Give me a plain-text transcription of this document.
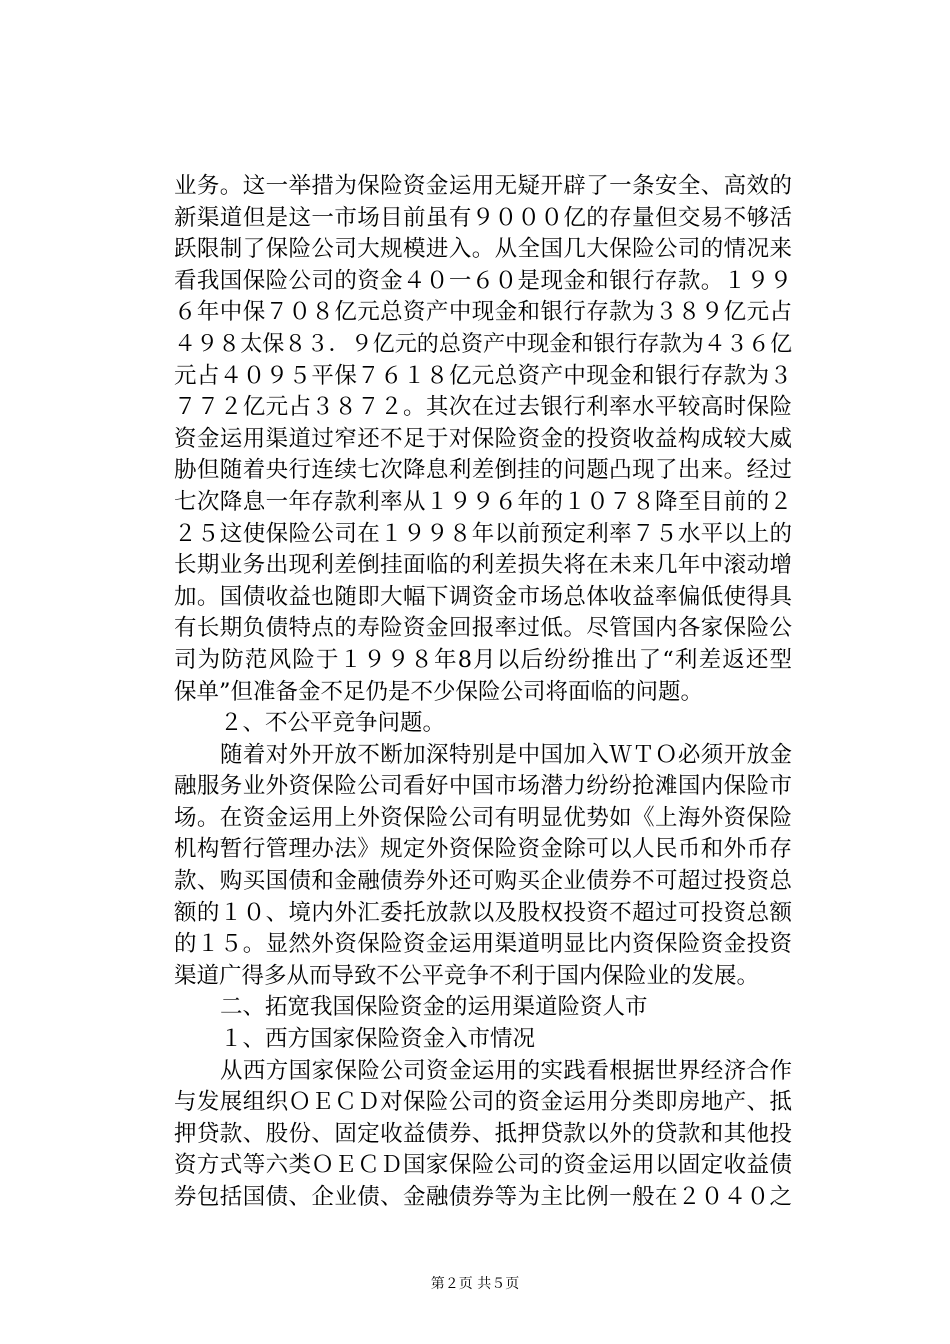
业务。这一举措为保险资金运用无疑开辟了一条安全、高效的
新渠道但是这一市场目前虽有９０００亿的存量但交易不够活
跃限制了保险公司大规模进入。从全国几大保险公司的情况来
看我国保险公司的资金４０一６０是现金和银行存款。１９９
６年中保７０８亿元总资产中现金和银行存款为３８９亿元占
４９８太保８３．９亿元的总资产中现金和银行存款为４３６亿
元占４０９５平保７６１８亿元总资产中现金和银行存款为３
７７２亿元占３８７２。其次在过去银行利率水平较高时保险
资金运用渠道过窄还不足于对保险资金的投资收益构成较大威
胁但随着央行连续七次降息利差倒挂的问题凸现了出来。经过
七次降息一年存款利率从１９９６年的１０７８降至目前的２
２５这使保险公司在１９９８年以前预定利率７５水平以上的
长期业务出现利差倒挂面临的利差损失将在未来几年中滚动增
加。国债收益也随即大幅下调资金市场总体收益率偏低使得具
有长期负债特点的寿险资金回报率过低。尽管国内各家保险公
司为防范风险于１９９８年8月以后纷纷推出了“利差返还型
保单”但准备金不足仍是不少保险公司将面临的问题。
２、不公平竞争问题。
随着对外开放不断加深特别是中国加入ＷＴＯ必须开放金
融服务业外资保险公司看好中国市场潜力纷纷抢滩国内保险市
场。在资金运用上外资保险公司有明显优势如《上海外资保险
机构暂行管理办法》规定外资保险资金除可以人民币和外币存
款、购买国债和金融债券外还可购买企业债券不可超过投资总
额的１０、境内外汇委托放款以及股权投资不超过可投资总额
的１５。显然外资保险资金运用渠道明显比内资保险资金投资
渠道广得多从而导致不公平竞争不利于国内保险业的发展。
二、拓宽我国保险资金的运用渠道险资人市
１、西方国家保险资金入市情况
从西方国家保险公司资金运用的实践看根据世界经济合作
与发展组织ＯＥＣＤ对保险公司的资金运用分类即房地产、抵
押贷款、股份、固定收益债券、抵押贷款以外的贷款和其他投
资方式等六类ＯＥＣＤ国家保险公司的资金运用以固定收益债
券包括国债、企业债、金融债券等为主比例一般在２０４０之
第２页 共５页
